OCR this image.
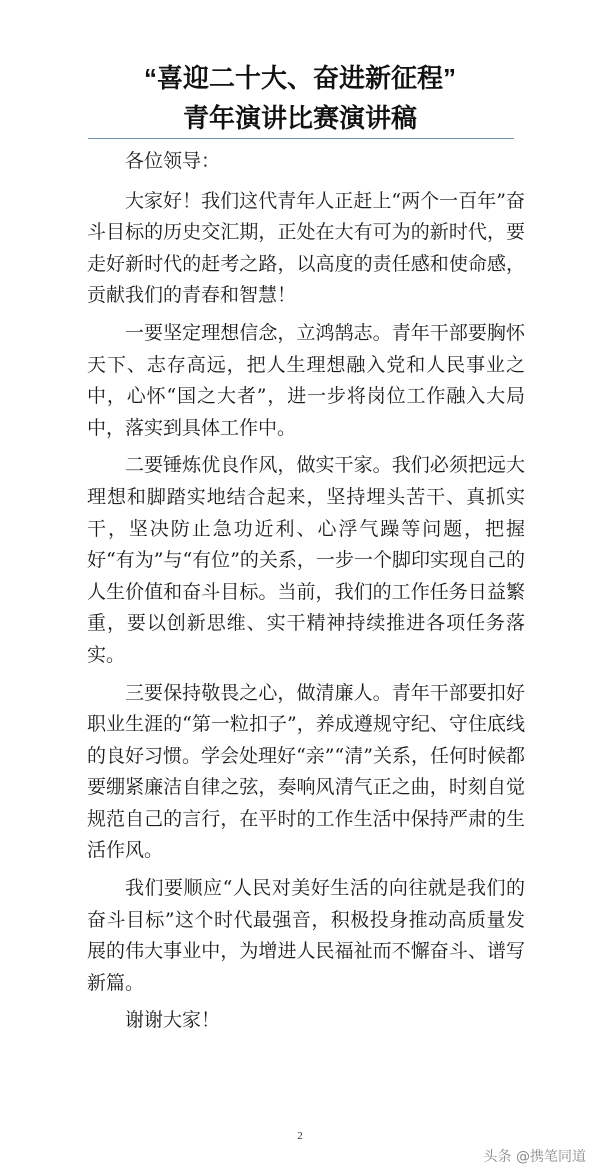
“喜迎二十大、奋进新征程”
青年演讲比赛演讲稿

各位领导：

大家好！我们这代青年人正赶上“两个一百年”奋斗目标的历史交汇期，正处在大有可为的新时代，要走好新时代的赶考之路，以高度的责任感和使命感，贡献我们的青春和智慧！

一要坚定理想信念，立鸿鹄志。青年干部要胸怀天下、志存高远，把人生理想融入党和人民事业之中，心怀“国之大者”，进一步将岗位工作融入大局中，落实到具体工作中。

二要锤炼优良作风，做实干家。我们必须把远大理想和脚踏实地结合起来，坚持埋头苦干、真抓实干，坚决防止急功近利、心浮气躁等问题，把握好“有为”与“有位”的关系，一步一个脚印实现自己的人生价值和奋斗目标。当前，我们的工作任务日益繁重，要以创新思维、实干精神持续推进各项任务落实。

三要保持敬畏之心，做清廉人。青年干部要扣好职业生涯的“第一粒扣子”，养成遵规守纪、守住底线的良好习惯。学会处理好“亲”“清”关系，任何时候都要绷紧廉洁自律之弦，奏响风清气正之曲，时刻自觉规范自己的言行，在平时的工作生活中保持严肃的生活作风。

我们要顺应“人民对美好生活的向往就是我们的奋斗目标”这个时代最强音，积极投身推动高质量发展的伟大事业中，为增进人民福祉而不懈奋斗、谱写新篇。

谢谢大家！

2
头条 @携笔同道
